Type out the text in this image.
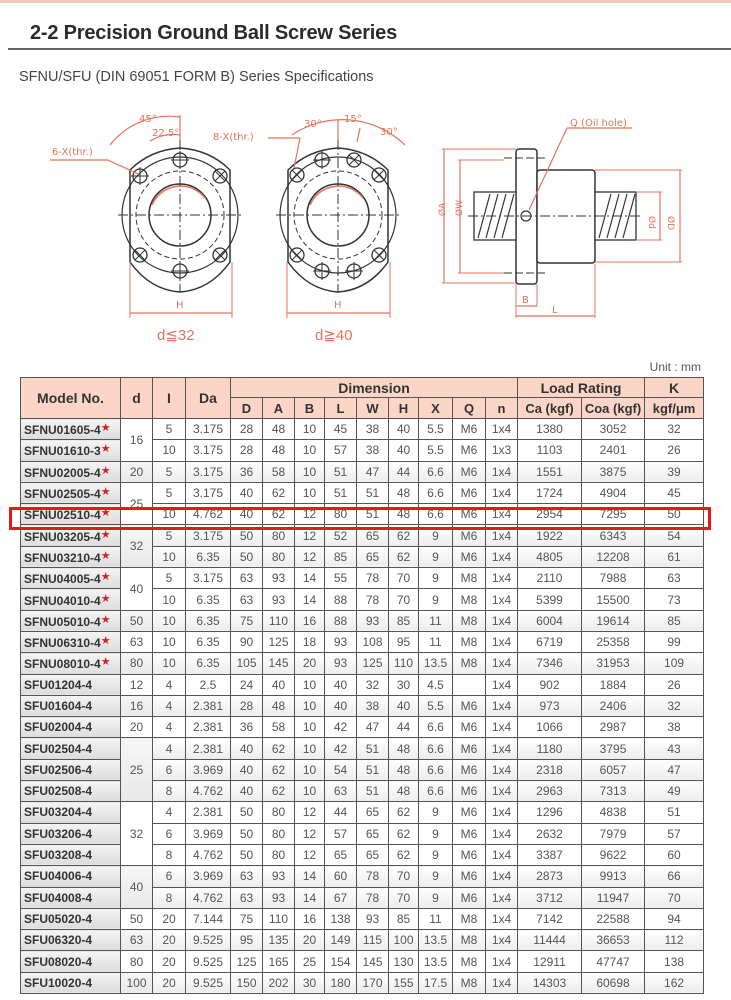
2-2 Precision Ground Ball Screw Series
SFNU/SFU (DIN 69051 FORM B) Series Specifications
45°
22.5°
6-X(thr.)
H
30° 15°
30°
8-X(thr.)
H
Q (Oil hole)
ØA ØW
Ød ØD
B
L
d≦32	d≧40
Unit : mm
Model No.	d	I	Da	Dimension									Load Rating		K
				D	A	B	L	W	H	X	Q	n	Ca (kgf)	Coa (kgf)	kgf/μm
SFNU01605-4★	16	5	3.175	28	48	10	45	38	40	5.5	M6	1x4	1380	3052	32
SFNU01610-3★		10	3.175	28	48	10	57	38	40	5.5	M6	1x3	1103	2401	26
SFNU02005-4★	20	5	3.175	36	58	10	51	47	44	6.6	M6	1x4	1551	3875	39
SFNU02505-4★	25	5	3.175	40	62	10	51	51	48	6.6	M6	1x4	1724	4904	45
SFNU02510-4★		10	4.762	40	62	12	80	51	48	6.6	M6	1x4	2954	7295	50
SFNU03205-4★	32	5	3.175	50	80	12	52	65	62	9	M6	1x4	1922	6343	54
SFNU03210-4★		10	6.35	50	80	12	85	65	62	9	M6	1x4	4805	12208	61
SFNU04005-4★	40	5	3.175	63	93	14	55	78	70	9	M8	1x4	2110	7988	63
SFNU04010-4★		10	6.35	63	93	14	88	78	70	9	M8	1x4	5399	15500	73
SFNU05010-4★	50	10	6.35	75	110	16	88	93	85	11	M8	1x4	6004	19614	85
SFNU06310-4★	63	10	6.35	90	125	18	93	108	95	11	M8	1x4	6719	25358	99
SFNU08010-4★	80	10	6.35	105	145	20	93	125	110	13.5	M8	1x4	7346	31953	109
SFU01204-4	12	4	2.5	24	40	10	40	32	30	4.5		1x4	902	1884	26
SFU01604-4	16	4	2.381	28	48	10	40	38	40	5.5	M6	1x4	973	2406	32
SFU02004-4	20	4	2.381	36	58	10	42	47	44	6.6	M6	1x4	1066	2987	38
SFU02504-4	25	4	2.381	40	62	10	42	51	48	6.6	M6	1x4	1180	3795	43
SFU02506-4		6	3.969	40	62	10	54	51	48	6.6	M6	1x4	2318	6057	47
SFU02508-4		8	4.762	40	62	10	63	51	48	6.6	M6	1x4	2963	7313	49
SFU03204-4	32	4	2.381	50	80	12	44	65	62	9	M6	1x4	1296	4838	51
SFU03206-4		6	3.969	50	80	12	57	65	62	9	M6	1x4	2632	7979	57
SFU03208-4		8	4.762	50	80	12	65	65	62	9	M6	1x4	3387	9622	60
SFU04006-4	40	6	3.969	63	93	14	60	78	70	9	M6	1x4	2873	9913	66
SFU04008-4		8	4.762	63	93	14	67	78	70	9	M6	1x4	3712	11947	70
SFU05020-4	50	20	7.144	75	110	16	138	93	85	11	M8	1x4	7142	22588	94
SFU06320-4	63	20	9.525	95	135	20	149	115	100	13.5	M8	1x4	11444	36653	112
SFU08020-4	80	20	9.525	125	165	25	154	145	130	13.5	M8	1x4	12911	47747	138
SFU10020-4	100	20	9.525	150	202	30	180	170	155	17.5	M8	1x4	14303	60698	162
